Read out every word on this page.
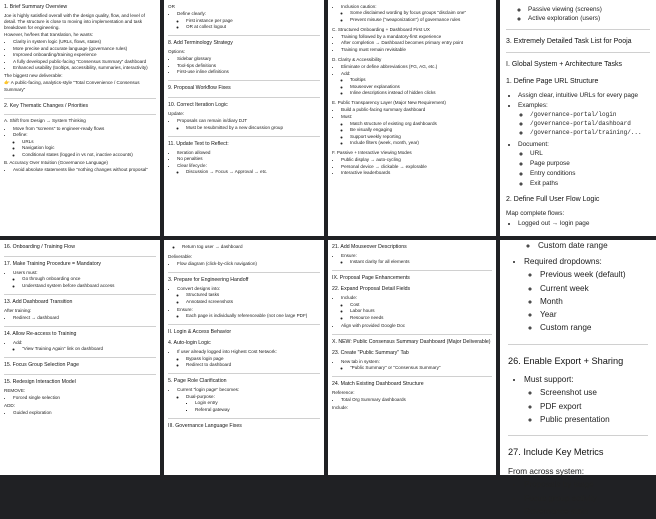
1. Brief Summary Overview
Joe is highly satisfied overall with the design quality, flow, and level of detail. The structure is close to moving into implementation and task breakdown for engineering.
However, he/fees that translation, he wants:
• Clarity in system logic (URLs, flows, states)
• More precise and accurate language (governance rules)
• Improved onboarding/training experience
• A fully developed public-facing "Consensus Summary" dashboard
• Enhanced usability (tooltips, accessibility, summaries, interactivity)
The biggest new deliverable:
👉 A public-facing, analytics-style "Total Convenience / Consensus Summary"
2. Key Thematic Changes / Priorities
A. Shift from Design → System Thinking
• Move from "screens" to engineer-ready flows
• Define:
◦ URLs
◦ Navigation logic
◦ Conditional states (logged in vs not, inactive accounts)
B. Accuracy Over Intuition (Governance Language)
• Avoid absolute statements like "nothing changes without proposal"
OR
• Define clearly:
◦ First instance per page
◦ OR at collect logout
8. Add Terminology Strategy
Options:
• Sidebar glossary
• Tool-tips definitions
• First-use inline definitions
9. Proposal Workflow Fixes
10. Correct Iteration Logic
Update:
• Proposals can remain in/diary DJT
◦ Must be resubmitted by a new discussion group
11. Update Text to Reflect:
• Iteration allowed
• No penalties
• Clear lifecycle:
◦ Discussion → Focus → Approval → etc.
• Inclusion caution:
◦ Some disclaimed wording by focus groups "disclaim one"
◦ Prevent misuse ("weaponization") of governance rules
C. Structured Onboarding + Dashboard First UX
• Training followed by a mandatory-first experience
• After completion → Dashboard becomes primary entry point
• Training must remain revisitable
D. Clarity & Accessibility
• Eliminate or define abbreviations (FG, AG, etc.)
• Add:
◦ Tooltips
◦ Mouseover explanations
◦ Inline descriptions instead of hidden clicks
E. Public Transparency Layer (Major New Requirement)
• Build a public-facing summary dashboard
• Must:
◦ Match structure of existing org dashboards
◦ Be visually engaging
◦ Support weekly reporting
◦ Include filters (week, month, year)
F. Passive + Interactive Viewing Modes
• Public display → auto-cycling
• Personal device → clickable → explorable
• Interactive leaderboards
◦ Passive viewing (screens)
◦ Active exploration (users)
3. Extremely Detailed Task List for Pooja
I. Global System + Architecture Tasks
1. Define Page URL Structure
• Assign clear, intuitive URLs for every page
• Examples:
◦ /governance-portal/login
◦ /governance-portal/dashboard
◦ /governance-portal/training/...
• Document:
◦ URL
◦ Page purpose
◦ Entry conditions
◦ Exit paths
2. Define Full User Flow Logic
Map complete flows:
• Logged out → login page
16. Onboarding / Training Flow
17. Make Training Procedure = Mandatory
• Users must:
◦ Go through onboarding once
◦ Understand system before dashboard access
13. Add Dashboard Transition
After training:
• Redirect → dashboard
14. Allow Re-access to Training
• Add:
◦ "View Training Again" link on dashboard
15. Focus Group Selection Page
15. Redesign Interaction Model
REMOVE:
• Forced single selection
ADD:
• Guided exploration
◦ Return tog user → dashboard
Deliverable:
• Flow diagram (click-by-click navigation)
3. Prepare for Engineering Handoff
• Convert designs into:
◦ Structured tasks
◦ Annotated screenshots
• Ensure:
◦ Each page is individually referenceable (not one large PDF)
II. Login & Access Behavior
4. Auto-login Logic
• If user already logged into Highest Cost Network:
◦ Bypass login page
◦ Redirect to dashboard
5. Page Role Clarification
• Current "login page" becomes:
◦ Dual-purpose:
▪ Login entry
▪ Referral gateway
III. Governance Language Fixes
21. Add Mouseover Descriptions
• Ensure:
◦ Instant clarity for all elements
IX. Proposal Page Enhancements
22. Expand Proposal Detail Fields
• Include:
◦ Cost
◦ Labor hours
◦ Resource needs
• Align with provided Google Doc
X. NEW: Public Consensus Summary Dashboard (Major Deliverable)
23. Create "Public Summary" Tab
• New tab in system:
◦ "Public Summary" or "Consensus Summary"
24. Match Existing Dashboard Structure
Reference:
• Total Org Summary dashboards
Include:
◦ Custom date range
• Required dropdowns:
◦ Previous week (default)
◦ Current week
◦ Month
◦ Year
◦ Custom range
26. Enable Export + Sharing
• Must support:
◦ Screenshot use
◦ PDF export
◦ Public presentation
27. Include Key Metrics
From across system:
• Proposals by stage
• Focus group activity
• Governance stats
